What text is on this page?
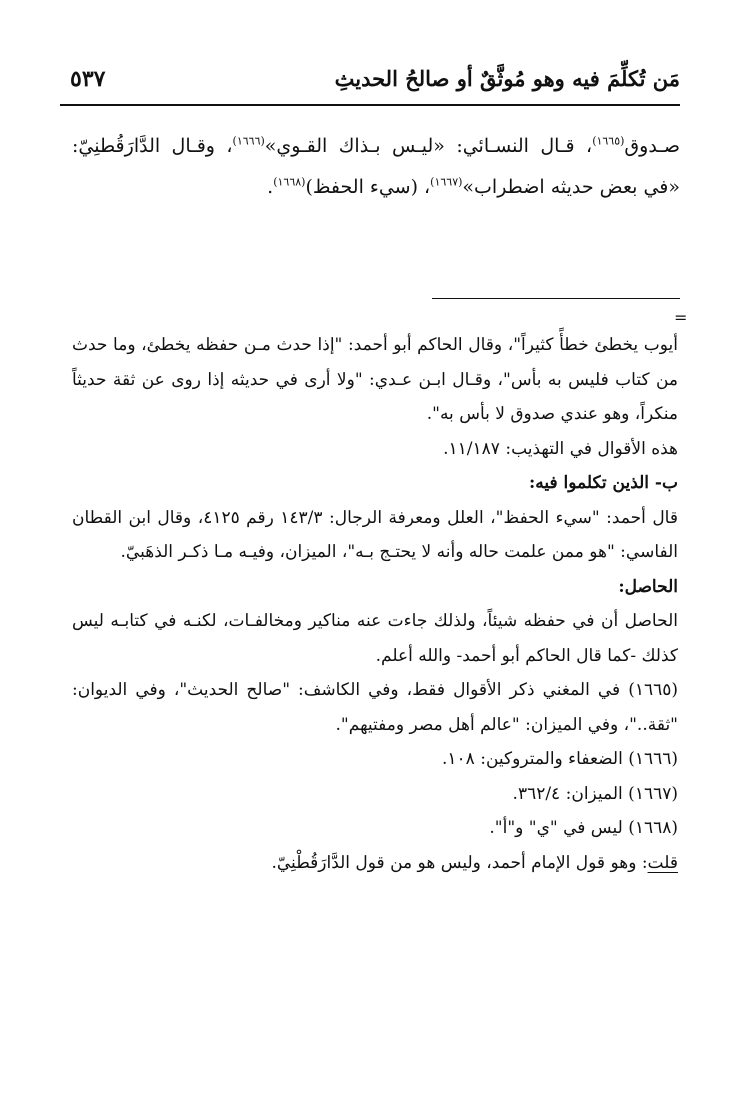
مَن تُكلِّمَ فيه وهو مُوثَّقٌ أو صالحُ الحديثِ
٥٣٧
صـدوق$^{(١٦٦٥)}$، قـال النسـائي: «ليـس بـذاك القـوي»$^{(١٦٦٦)}$، وقـال الدَّارَقُطنِيّ: «في بعض حديثه اضطراب»$^{(١٦٦٧)}$، (سيء الحفظ)$^{(١٦٦٨)}$.
=

أيوب يخطئ خطأً كثيراً"، وقال الحاكم أبو أحمد: "إذا حدث مـن حفظه يخطئ، وما حدث من كتاب فليس به بأس"، وقـال ابـن عـدي: "ولا أرى في حديثه إذا روى عن ثقة حديثاً منكراً، وهو عندي صدوق لا بأس به".

هذه الأقوال في التهذيب: ١١/١٨٧.

ب- الذين تكلموا فيه:

قال أحمد: "سيء الحفظ"، العلل ومعرفة الرجال: ١٤٣/٣ رقم ٤١٢٥، وقال ابن القطان الفاسي: "هو ممن علمت حاله وأنه لا يحتـج بـه"، الميزان، وفيـه مـا ذكـر الذهَبيّ.

الحاصل:

الحاصل أن في حفظه شيئاً، ولذلك جاءت عنه مناكير ومخالفـات، لكنـه في كتابـه ليس كذلك -كما قال الحاكم أبو أحمد- والله أعلم.

(١٦٦٥) في المغني ذكر الأقوال فقط، وفي الكاشف: "صالح الحديث"، وفي الديوان: "ثقة.."، وفي الميزان: "عالم أهل مصر ومفتيهم".

(١٦٦٦) الضعفاء والمتروكين: ١٠٨.

(١٦٦٧) الميزان: ٣٦٢/٤.

(١٦٦٨) ليس في "ي" و"أ".

قلت: وهو قول الإمام أحمد، وليس هو من قول الدَّارَقُطْنِيّ.
